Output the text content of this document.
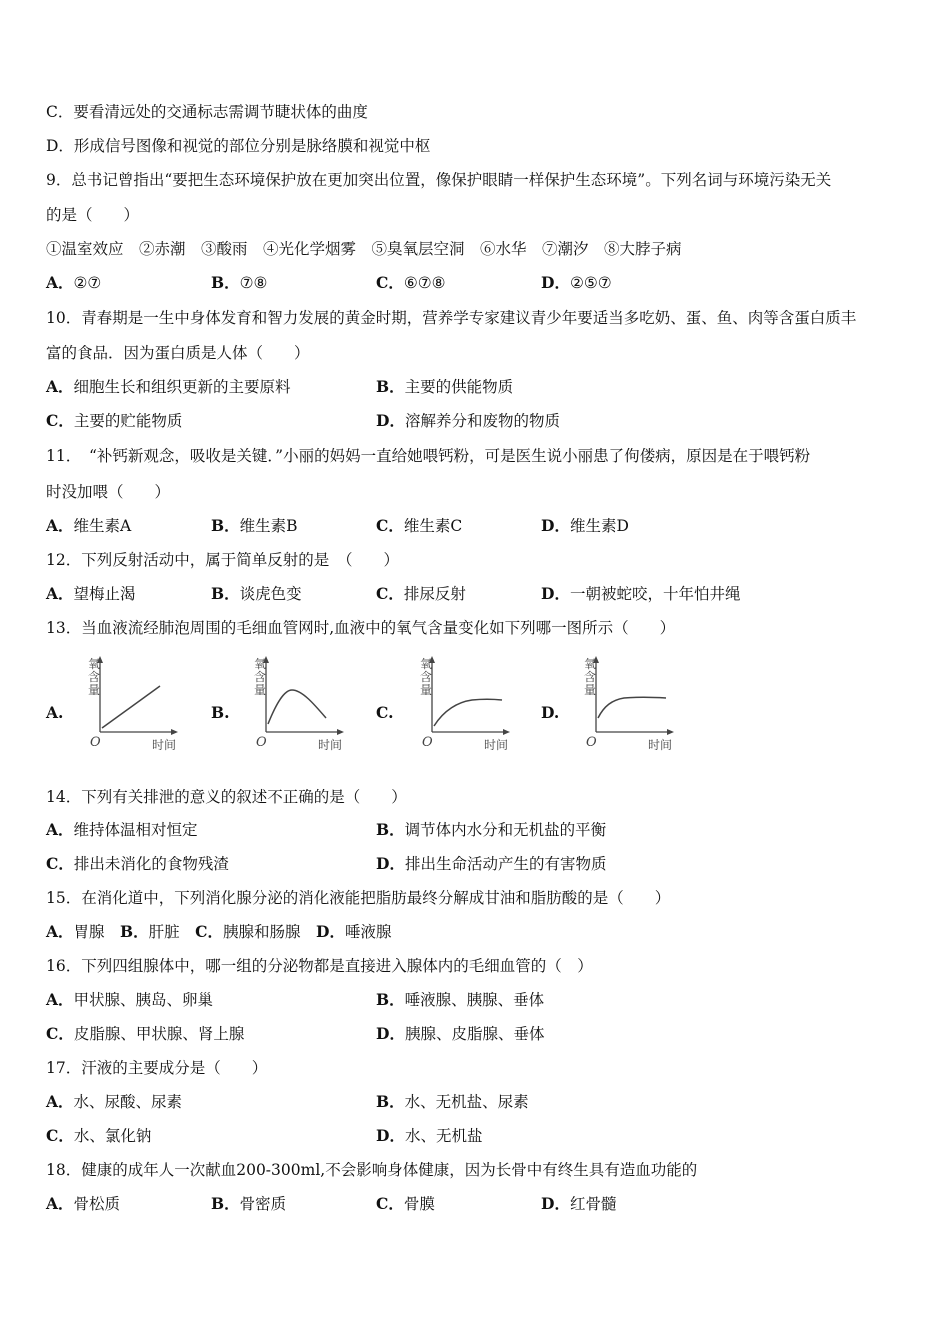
C．要看清远处的交通标志需调节睫状体的曲度
D．形成信号图像和视觉的部位分别是脉络膜和视觉中枢
9．总书记曾指出“要把生态环境保护放在更加突出位置，像保护眼睛一样保护生态环境”。下列名词与环境污染无关
的是（　　）
①温室效应　②赤潮　③酸雨　④光化学烟雾　⑤臭氧层空洞　⑥水华　⑦潮汐　⑧大脖子病
A．②⑦	B．⑦⑧	C．⑥⑦⑧	D．②⑤⑦
10．青春期是一生中身体发育和智力发展的黄金时期，营养学专家建议青少年要适当多吃奶、蛋、鱼、肉等含蛋白质丰
富的食品．因为蛋白质是人体（　　）
A．细胞生长和组织更新的主要原料	B．主要的供能物质
C．主要的贮能物质	D．溶解养分和废物的物质
11．　“补钙新观念，吸收是关键．”小丽的妈妈一直给她喂钙粉，可是医生说小丽患了佝偻病，原因是在于喂钙粉
时没加喂（　　）
A．维生素A	B．维生素B	C．维生素C	D．维生素D
12．下列反射活动中，属于简单反射的是　（　　）
A．望梅止渴	B．谈虎色变	C．排尿反射	D．一朝被蛇咬，十年怕井绳
13．当血液流经肺泡周围的毛细血管网时,血液中的氧气含量变化如下列哪一图所示（　　）
A.
氧含量
O	时间
B.
氧含量
O	时间
C.
氧含量
O	时间
D.
氧含量
O	时间
14．下列有关排泄的意义的叙述不正确的是（　　）
A．维持体温相对恒定	B．调节体内水分和无机盐的平衡
C．排出未消化的食物残渣	D．排出生命活动产生的有害物质
15．在消化道中，下列消化腺分泌的消化液能把脂肪最终分解成甘油和脂肪酸的是（　　）
A．胃腺　B．肝脏　C．胰腺和肠腺　D．唾液腺
16．下列四组腺体中，哪一组的分泌物都是直接进入腺体内的毛细血管的（　）
A．甲状腺、胰岛、卵巢	B．唾液腺、胰腺、垂体
C．皮脂腺、甲状腺、肾上腺	D．胰腺、皮脂腺、垂体
17．汗液的主要成分是（　　）
A．水、尿酸、尿素	B．水、无机盐、尿素
C．水、氯化钠	D．水、无机盐
18．健康的成年人一次献血200-300ml,不会影响身体健康，因为长骨中有终生具有造血功能的
A．骨松质	B．骨密质	C．骨膜	D．红骨髓
